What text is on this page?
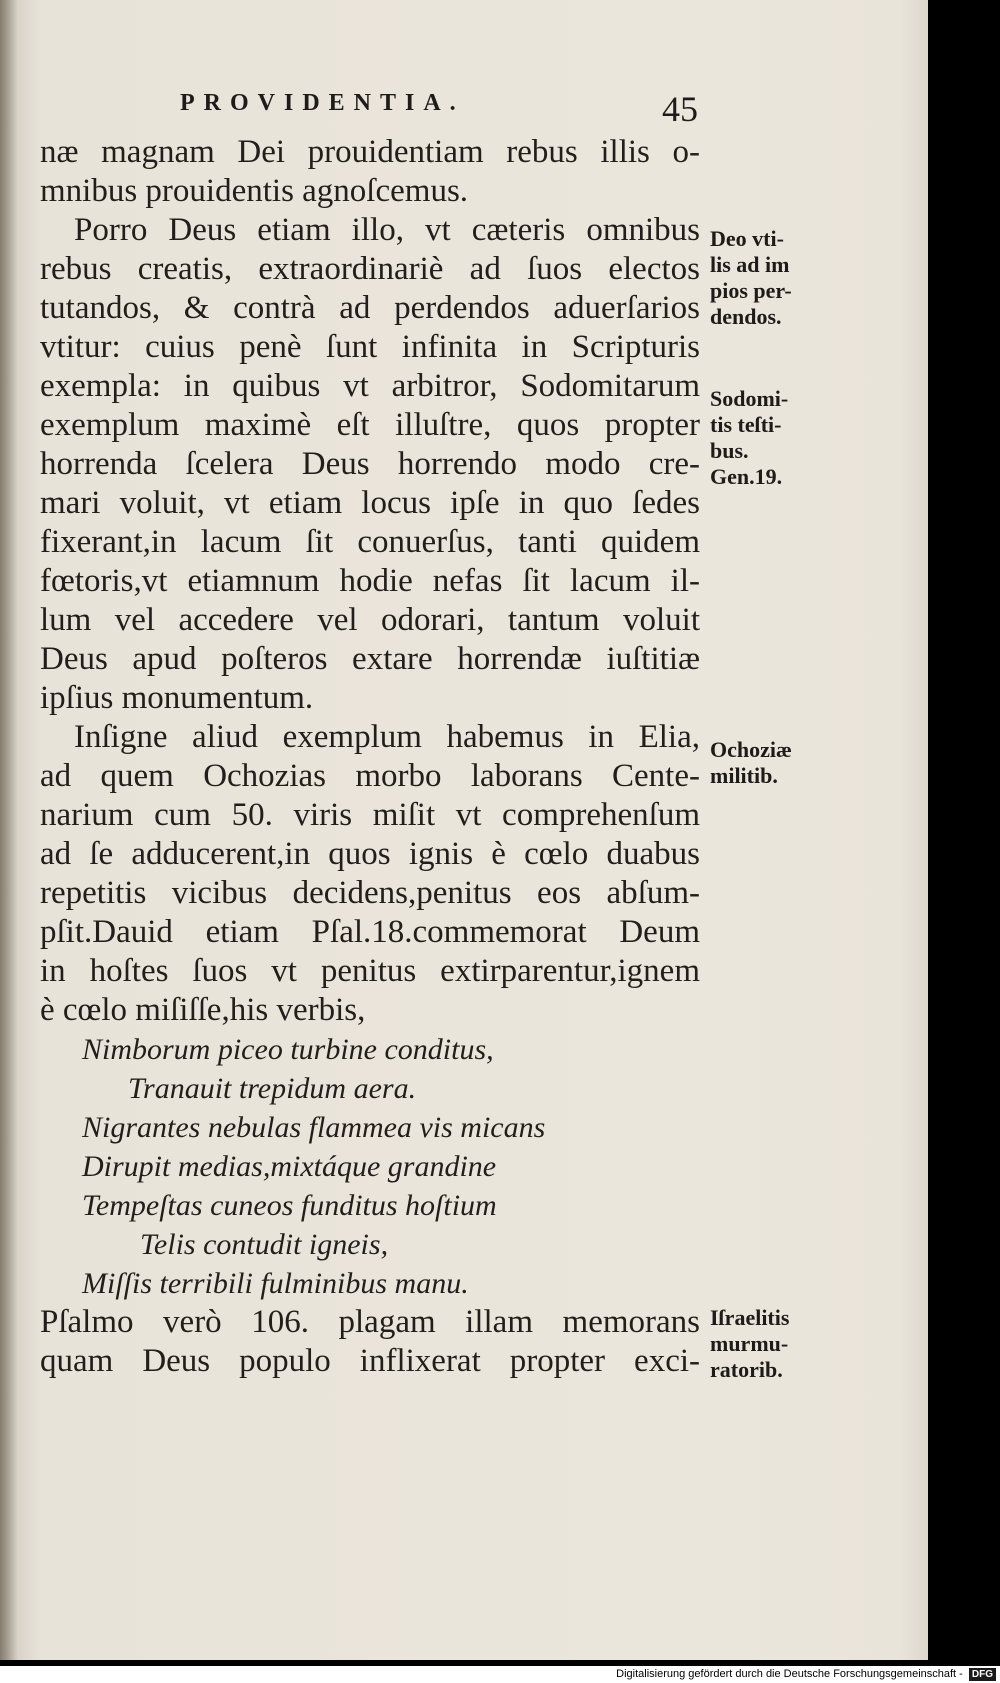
PROVIDENTIA.	45
næ magnam Dei prouidentiam rebus illis o-
mnibus prouidentis agnoſcemus.
Porro Deus etiam illo, vt cæteris omnibus
rebus creatis, extraordinariè ad ſuos electos
tutandos, & contrà ad perdendos aduerſarios
vtitur: cuius penè ſunt infinita in Scripturis
exempla: in quibus vt arbitror, Sodomitarum
exemplum maximè eſt illuſtre, quos propter
horrenda ſcelera Deus horrendo modo cre-
mari voluit, vt etiam locus ipſe in quo ſedes
fixerant,in lacum ſit conuerſus, tanti quidem
fœtoris,vt etiamnum hodie nefas ſit lacum il-
lum vel accedere vel odorari, tantum voluit
Deus apud poſteros extare horrendæ iuſtitiæ
ipſius monumentum.
Inſigne aliud exemplum habemus in Elia,
ad quem Ochozias morbo laborans Cente-
narium cum 50. viris miſit vt comprehenſum
ad ſe adducerent,in quos ignis è cœlo duabus
repetitis vicibus decidens,penitus eos abſum-
pſit.Dauid etiam Pſal.18.commemorat Deum
in hoſtes ſuos vt penitus extirparentur,ignem
è cœlo miſiſſe,his verbis,
Nimborum piceo turbine conditus,
Tranauit trepidum aera.
Nigrantes nebulas flammea vis micans
Dirupit medias,mixtáque grandine
Tempeſtas cuneos funditus hoſtium
Telis contudit igneis,
Miſſis terribili fulminibus manu.
Pſalmo verò 106. plagam illam memorans
quam Deus populo inflixerat propter exci-
Deo vti-
lis ad im
pios per-
dendos.
Sodomi-
tis teſti-
bus.
Gen.19.
Ochoziæ
militib.
Iſraelitis
murmu-
ratorib.
Digitalisierung gefördert durch die Deutsche Forschungsgemeinschaft - DFG
